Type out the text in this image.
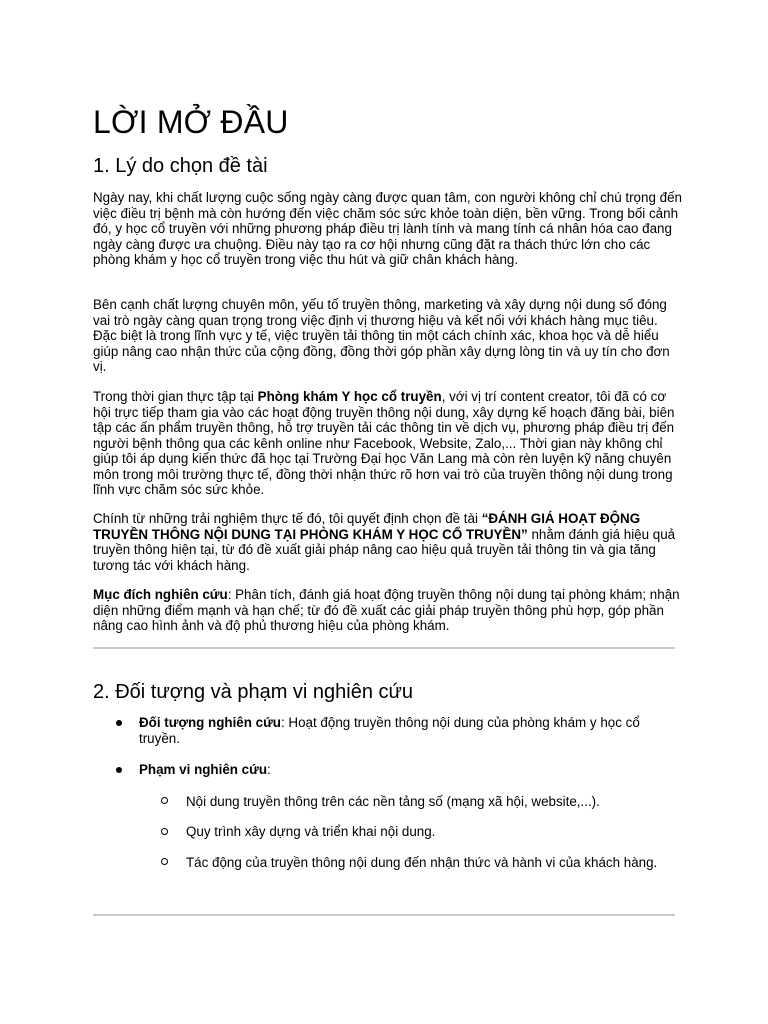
LỜI MỞ ĐẦU
1. Lý do chọn đề tài

Ngày nay, khi chất lượng cuộc sống ngày càng được quan tâm, con người không chỉ chú trọng đến việc điều trị bệnh mà còn hướng đến việc chăm sóc sức khỏe toàn diện, bền vững. Trong bối cảnh đó, y học cổ truyền với những phương pháp điều trị lành tính và mang tính cá nhân hóa cao đang ngày càng được ưa chuộng. Điều này tạo ra cơ hội nhưng cũng đặt ra thách thức lớn cho các phòng khám y học cổ truyền trong việc thu hút và giữ chân khách hàng.

Bên cạnh chất lượng chuyên môn, yếu tố truyền thông, marketing và xây dựng nội dung số đóng vai trò ngày càng quan trọng trong việc định vị thương hiệu và kết nối với khách hàng mục tiêu. Đặc biệt là trong lĩnh vực y tế, việc truyền tải thông tin một cách chính xác, khoa học và dễ hiểu giúp nâng cao nhận thức của cộng đồng, đồng thời góp phần xây dựng lòng tin và uy tín cho đơn vị.

Trong thời gian thực tập tại Phòng khám Y học cổ truyền, với vị trí content creator, tôi đã có cơ hội trực tiếp tham gia vào các hoạt động truyền thông nội dung, xây dựng kế hoạch đăng bài, biên tập các ấn phẩm truyền thông, hỗ trợ truyền tải các thông tin về dịch vụ, phương pháp điều trị đến người bệnh thông qua các kênh online như Facebook, Website, Zalo,... Thời gian này không chỉ giúp tôi áp dụng kiến thức đã học tại Trường Đại học Văn Lang mà còn rèn luyện kỹ năng chuyên môn trong môi trường thực tế, đồng thời nhận thức rõ hơn vai trò của truyền thông nội dung trong lĩnh vực chăm sóc sức khỏe.

Chính từ những trải nghiệm thực tế đó, tôi quyết định chọn đề tài “ĐÁNH GIÁ HOẠT ĐỘNG TRUYỀN THÔNG NỘI DUNG TẠI PHÒNG KHÁM Y HỌC CỔ TRUYỀN” nhằm đánh giá hiệu quả truyền thông hiện tại, từ đó đề xuất giải pháp nâng cao hiệu quả truyền tải thông tin và gia tăng tương tác với khách hàng.

Mục đích nghiên cứu: Phân tích, đánh giá hoạt động truyền thông nội dung tại phòng khám; nhận diện những điểm mạnh và hạn chế; từ đó đề xuất các giải pháp truyền thông phù hợp, góp phần nâng cao hình ảnh và độ phủ thương hiệu của phòng khám.

2. Đối tượng và phạm vi nghiên cứu
Đối tượng nghiên cứu: Hoạt động truyền thông nội dung của phòng khám y học cổ truyền.
Phạm vi nghiên cứu:
Nội dung truyền thông trên các nền tảng số (mạng xã hội, website,...).
Quy trình xây dựng và triển khai nội dung.
Tác động của truyền thông nội dung đến nhận thức và hành vi của khách hàng.
